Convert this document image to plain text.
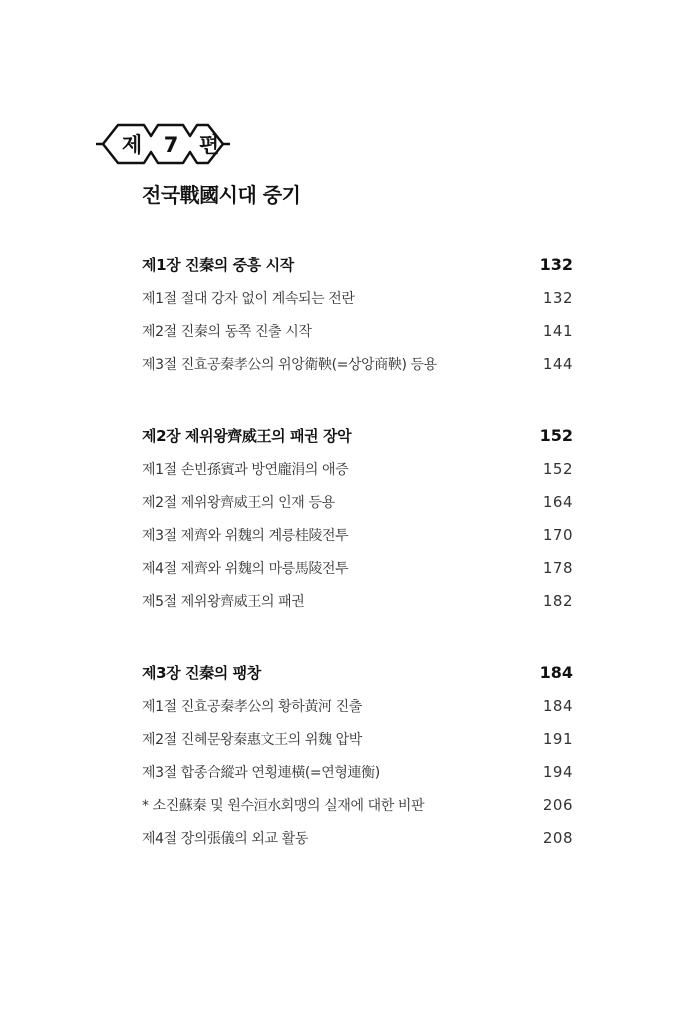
제 7 편
전국戰國시대 중기
제1장 진秦의 중흥 시작	132
제1절 절대 강자 없이 계속되는 전란	132
제2절 진秦의 동쪽 진출 시작	141
제3절 진효공秦孝公의 위앙衛鞅(=상앙商鞅) 등용	144
제2장 제위왕齊威王의 패권 장악	152
제1절 손빈孫賓과 방연龐涓의 애증	152
제2절 제위왕齊威王의 인재 등용	164
제3절 제齊와 위魏의 계릉桂陵전투	170
제4절 제齊와 위魏의 마릉馬陵전투	178
제5절 제위왕齊威王의 패권	182
제3장 진秦의 팽창	184
제1절 진효공秦孝公의 황하黃河 진출	184
제2절 진혜문왕秦惠文王의 위魏 압박	191
제3절 합종合縱과 연횡連橫(=연형連衡)	194
* 소진蘇秦 및 원수洹水회맹의 실재에 대한 비판	206
제4절 장의張儀의 외교 활동	208
